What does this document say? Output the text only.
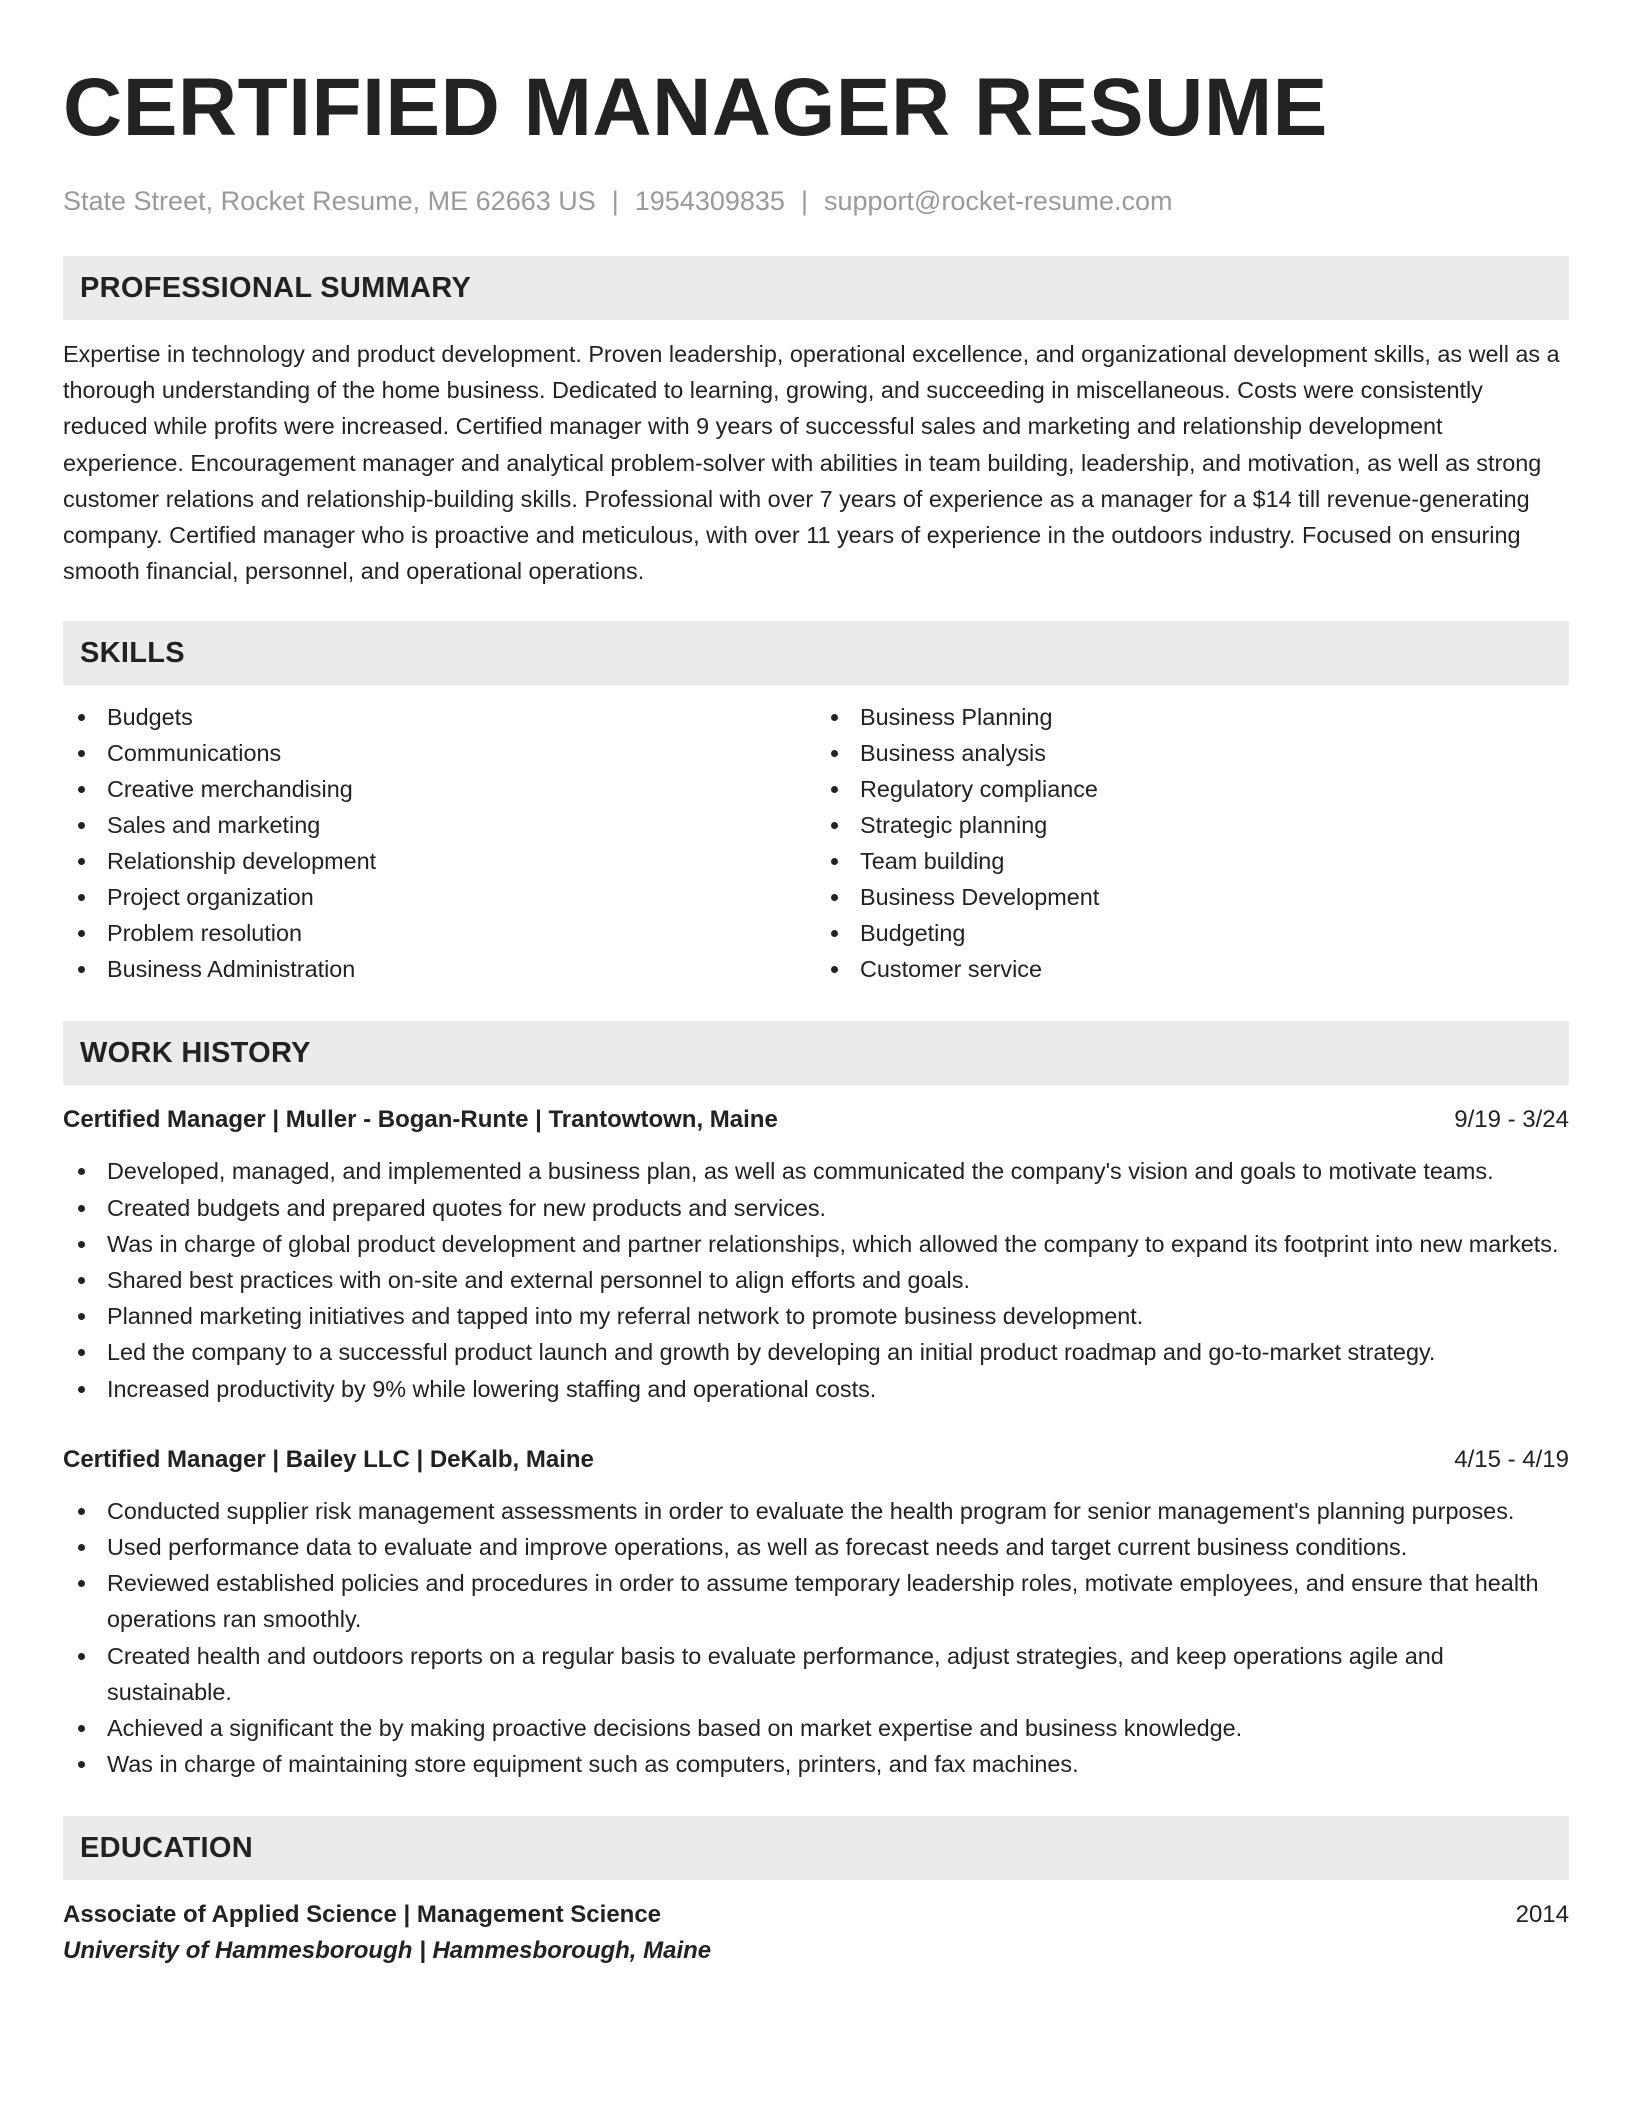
CERTIFIED MANAGER RESUME
State Street, Rocket Resume, ME 62663 US | 1954309835 | support@rocket-resume.com
PROFESSIONAL SUMMARY

Expertise in technology and product development. Proven leadership, operational excellence, and organizational development skills, as well as a thorough understanding of the home business. Dedicated to learning, growing, and succeeding in miscellaneous. Costs were consistently reduced while profits were increased. Certified manager with 9 years of successful sales and marketing and relationship development experience. Encouragement manager and analytical problem-solver with abilities in team building, leadership, and motivation, as well as strong customer relations and relationship-building skills. Professional with over 7 years of experience as a manager for a $14 till revenue-generating company. Certified manager who is proactive and meticulous, with over 11 years of experience in the outdoors industry. Focused on ensuring smooth financial, personnel, and operational operations.

SKILLS
Budgets
Communications
Creative merchandising
Sales and marketing
Relationship development
Project organization
Problem resolution
Business Administration
Business Planning
Business analysis
Regulatory compliance
Strategic planning
Team building
Business Development
Budgeting
Customer service
WORK HISTORY
Certified Manager | Muller - Bogan-Runte | Trantowtown, Maine	9/19 - 3/24
Developed, managed, and implemented a business plan, as well as communicated the company's vision and goals to motivate teams.
Created budgets and prepared quotes for new products and services.
Was in charge of global product development and partner relationships, which allowed the company to expand its footprint into new markets.
Shared best practices with on-site and external personnel to align efforts and goals.
Planned marketing initiatives and tapped into my referral network to promote business development.
Led the company to a successful product launch and growth by developing an initial product roadmap and go-to-market strategy.
Increased productivity by 9% while lowering staffing and operational costs.
Certified Manager | Bailey LLC | DeKalb, Maine	4/15 - 4/19
Conducted supplier risk management assessments in order to evaluate the health program for senior management's planning purposes.
Used performance data to evaluate and improve operations, as well as forecast needs and target current business conditions.
Reviewed established policies and procedures in order to assume temporary leadership roles, motivate employees, and ensure that health operations ran smoothly.
Created health and outdoors reports on a regular basis to evaluate performance, adjust strategies, and keep operations agile and sustainable.
Achieved a significant the by making proactive decisions based on market expertise and business knowledge.
Was in charge of maintaining store equipment such as computers, printers, and fax machines.
EDUCATION
Associate of Applied Science | Management Science	2014
University of Hammesborough | Hammesborough, Maine
